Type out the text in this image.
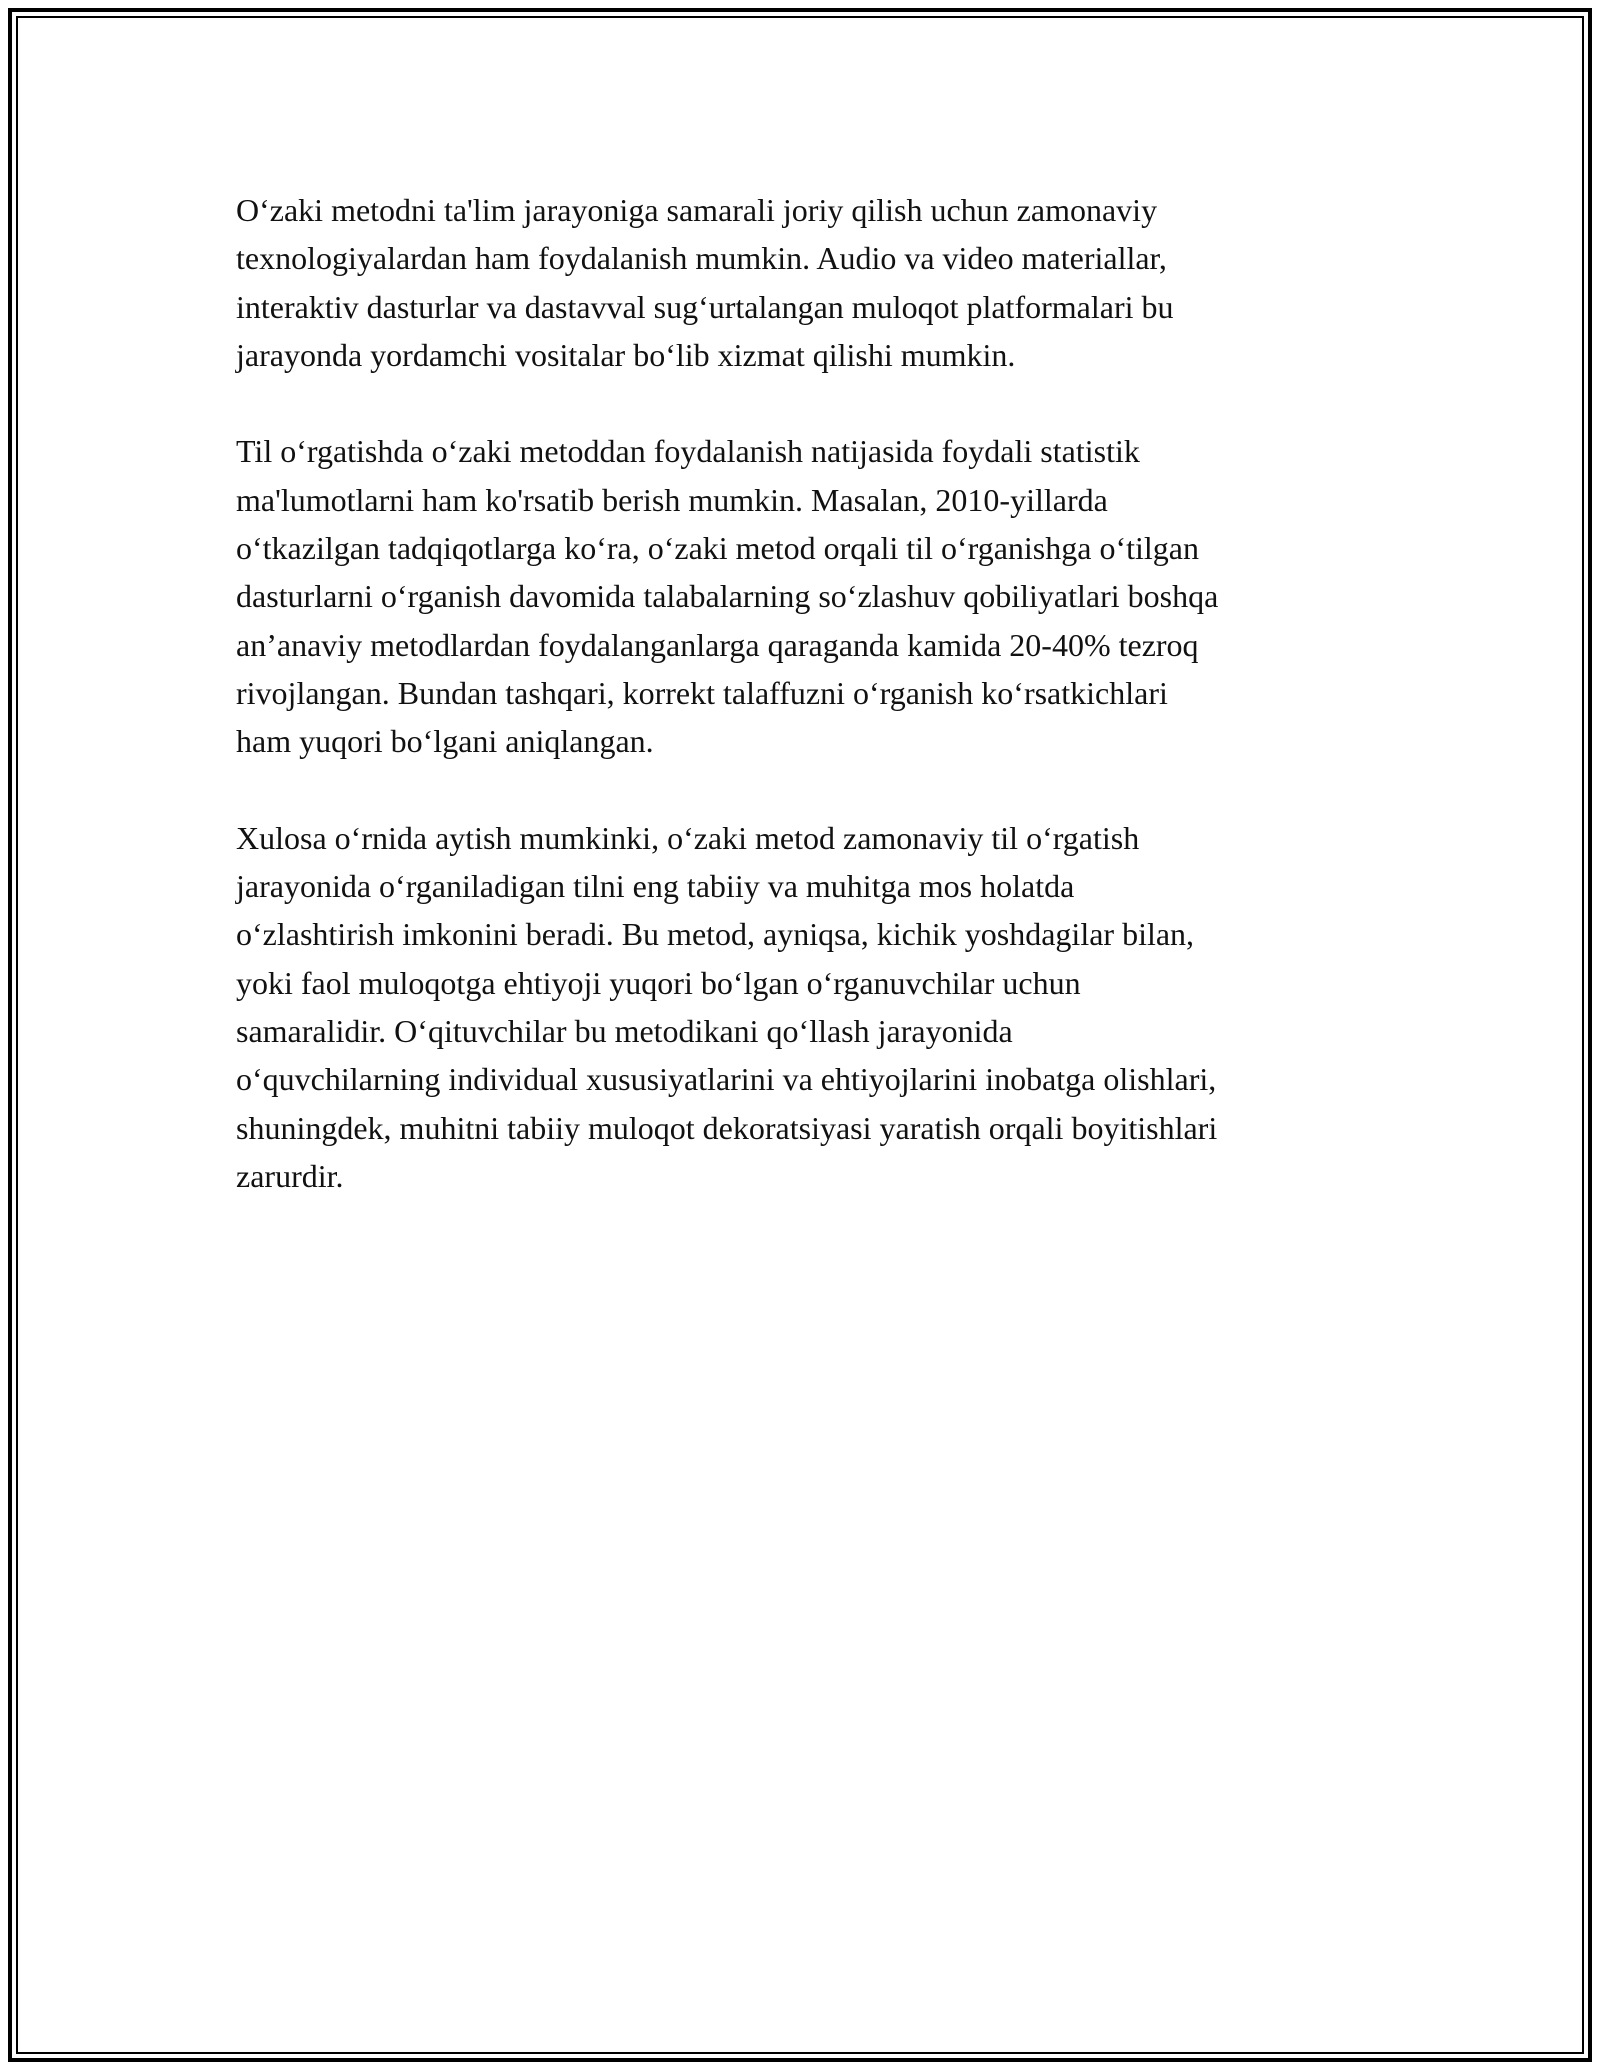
O‘zaki metodni ta'lim jarayoniga samarali joriy qilish uchun zamonaviy
texnologiyalardan ham foydalanish mumkin. Audio va video materiallar,
interaktiv dasturlar va dastavval sug‘urtalangan muloqot platformalari bu
jarayonda yordamchi vositalar bo‘lib xizmat qilishi mumkin.

Til o‘rgatishda o‘zaki metoddan foydalanish natijasida foydali statistik
ma'lumotlarni ham ko'rsatib berish mumkin. Masalan, 2010-yillarda
o‘tkazilgan tadqiqotlarga ko‘ra, o‘zaki metod orqali til o‘rganishga o‘tilgan
dasturlarni o‘rganish davomida talabalarning so‘zlashuv qobiliyatlari boshqa
an’anaviy metodlardan foydalanganlarga qaraganda kamida 20-40% tezroq
rivojlangan. Bundan tashqari, korrekt talaffuzni o‘rganish ko‘rsatkichlari
ham yuqori bo‘lgani aniqlangan.

Xulosa o‘rnida aytish mumkinki, o‘zaki metod zamonaviy til o‘rgatish
jarayonida o‘rganiladigan tilni eng tabiiy va muhitga mos holatda
o‘zlashtirish imkonini beradi. Bu metod, ayniqsa, kichik yoshdagilar bilan,
yoki faol muloqotga ehtiyoji yuqori bo‘lgan o‘rganuvchilar uchun
samaralidir. O‘qituvchilar bu metodikani qo‘llash jarayonida
o‘quvchilarning individual xususiyatlarini va ehtiyojlarini inobatga olishlari,
shuningdek, muhitni tabiiy muloqot dekoratsiyasi yaratish orqali boyitishlari
zarurdir.
